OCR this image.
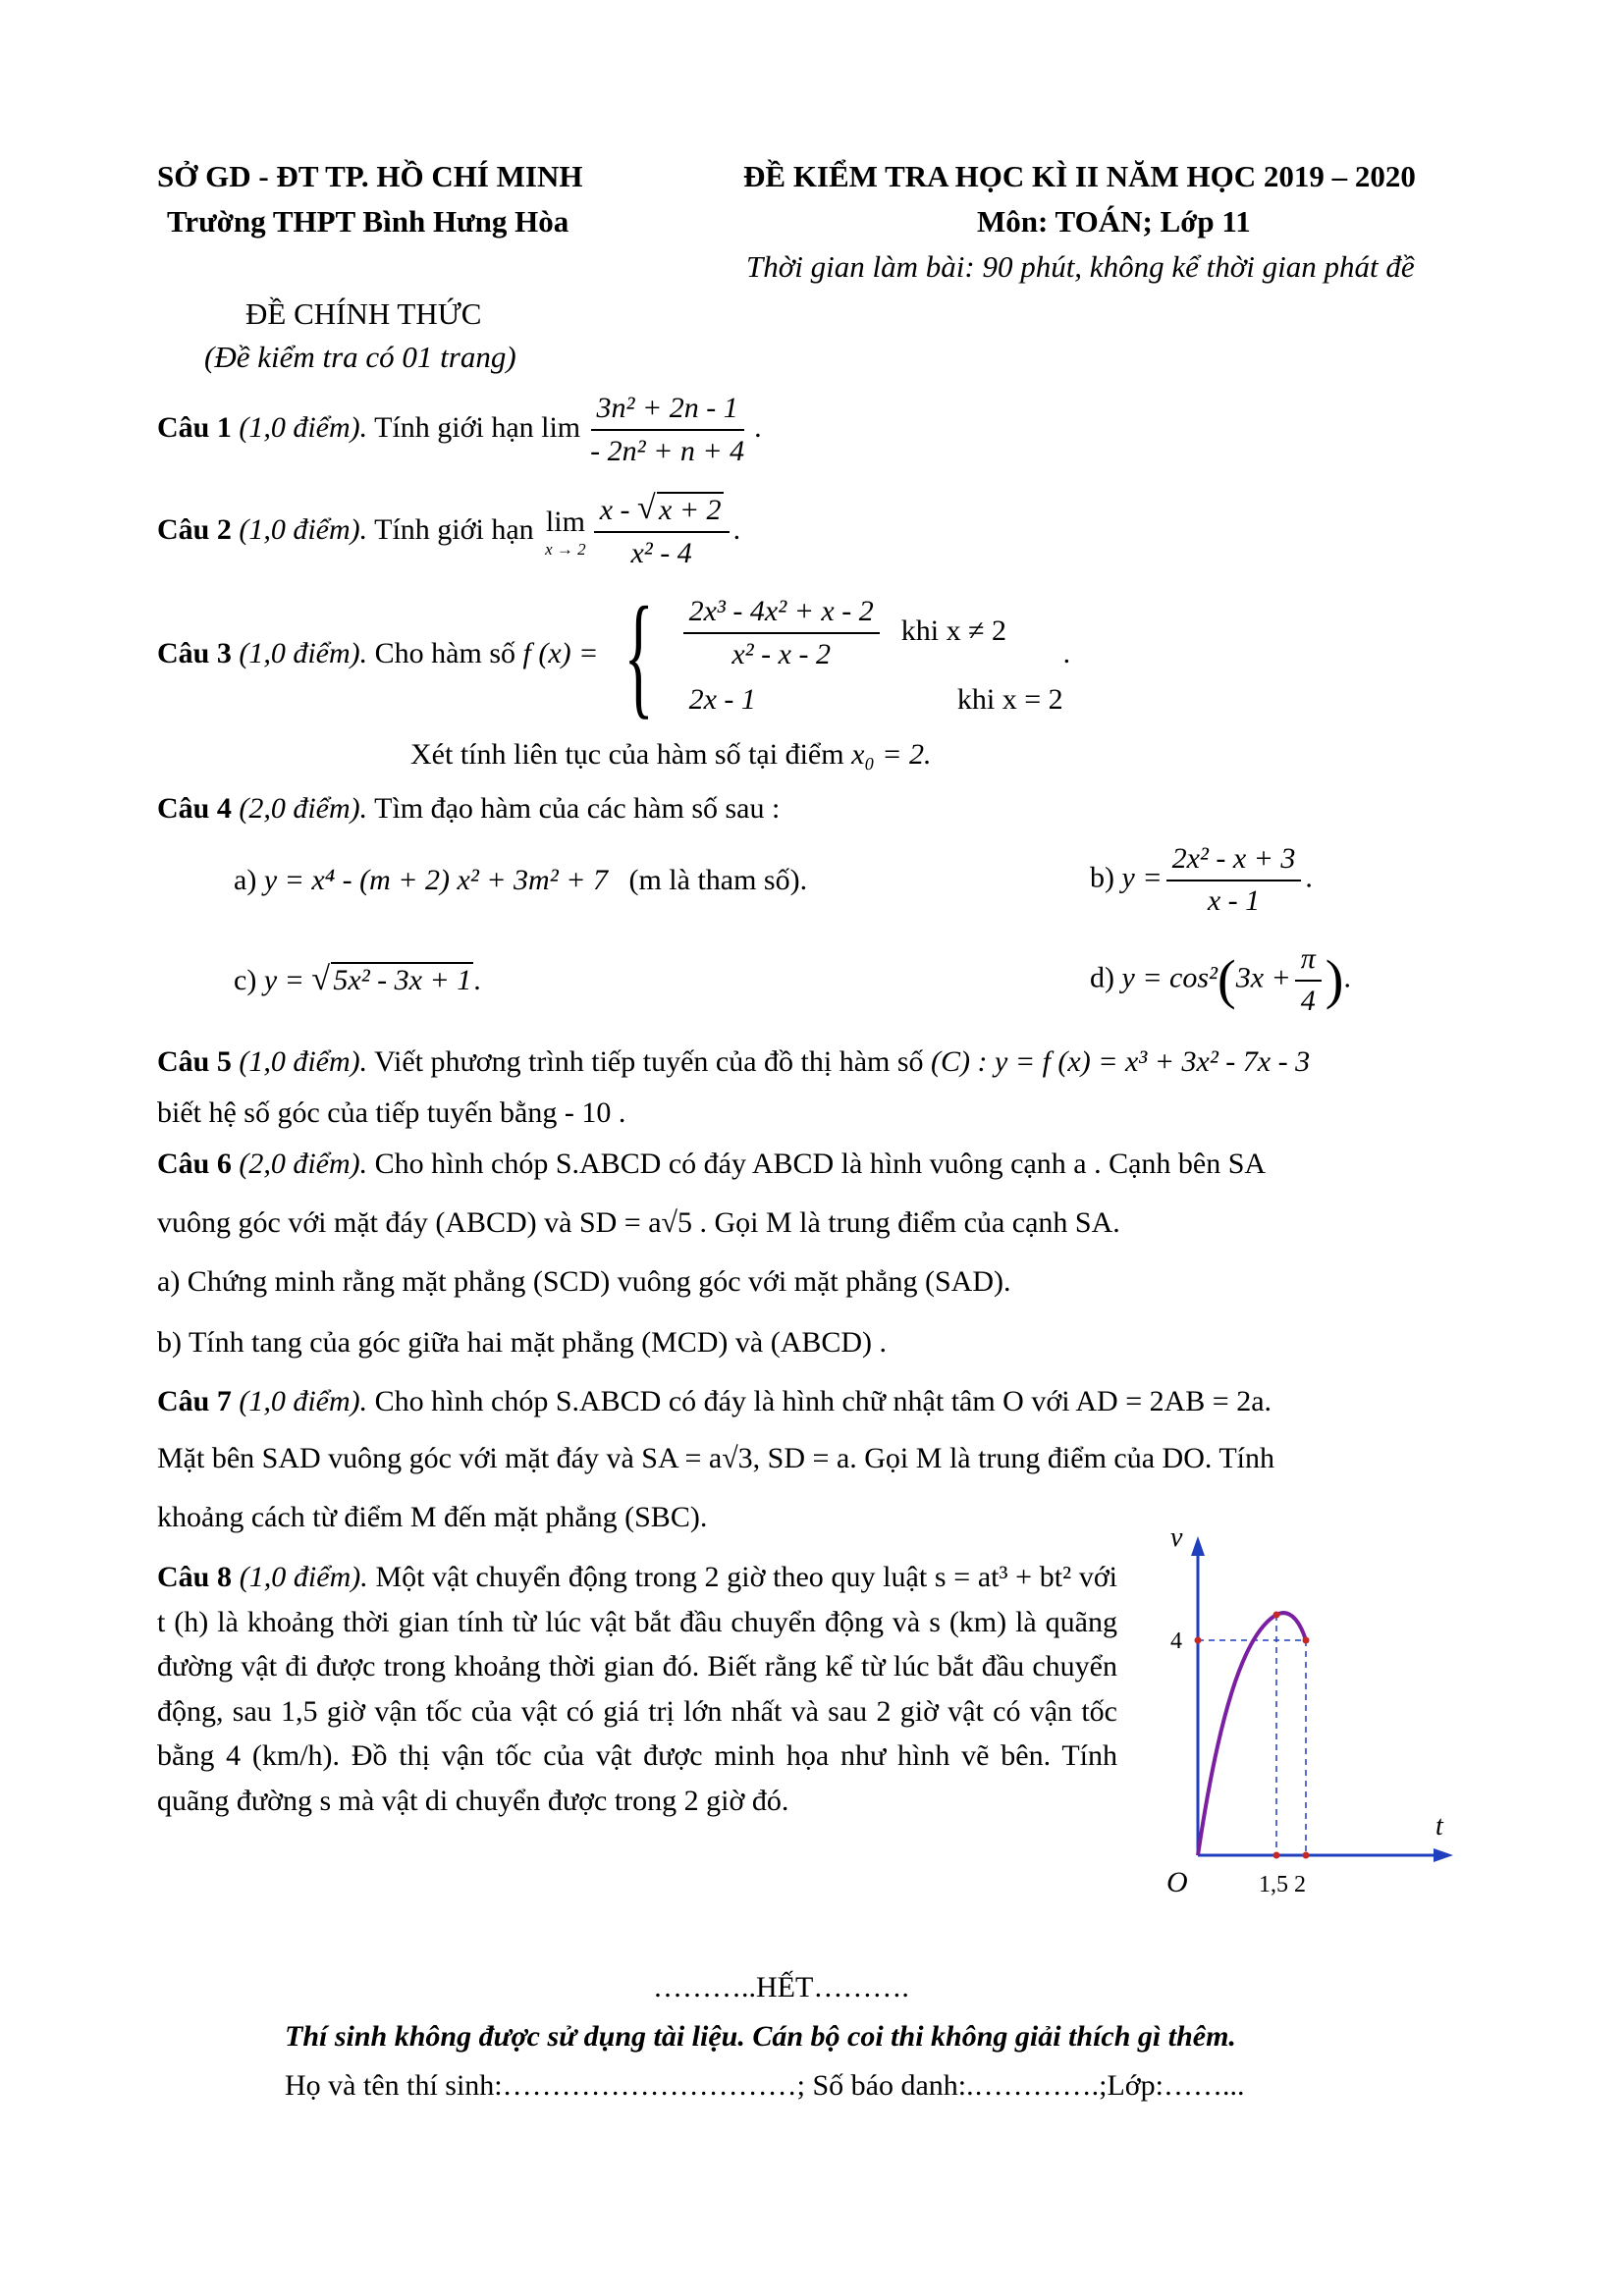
SỞ GD - ĐT TP. HỒ CHÍ MINH
Trường THPT Bình Hưng Hòa
ĐỀ KIỂM TRA HỌC KÌ II NĂM HỌC 2019 – 2020
Môn: TOÁN; Lớp 11
Thời gian làm bài: 90 phút, không kể thời gian phát đề
ĐỀ CHÍNH THỨC
(Đề kiểm tra có 01 trang)
Câu 1 (1,0 điểm). Tính giới hạn $\lim \frac{\text{3n² + 2n - 1}}{\text{- 2n² + n + 4}}$ .
Câu 2 (1,0 điểm). Tính giới hạn lim
$x \to 2 \frac{x - √ x + 2}{\text{x² - 4}}$ .
Câu 3 (1,0 điểm). Cho hàm số f (x) = { $\frac{\text{2x³ - 4x² + x - 2}}{\text{x² - x - 2}}$ khi x ≠ 2
2x - 1	khi x = 2
.
Xét tính liên tục của hàm số tại điểm x₀ = 2.
Câu 4 (2,0 điểm). Tìm đạo hàm của các hàm số sau :
a) y = x⁴ - (m + 2) x² + 3m² + 7 (m là tham số).	b) $y = \frac{\text{2x² - x + 3}}{x - 1}$ .
c) y = √ 5x² - 3x + 1.	d) $y = \cos^2(3x + \frac{\pi}{4}$ ).
Câu 5 (1,0 điểm). Viết phương trình tiếp tuyến của đồ thị hàm số (C) : y = f (x) = x³ + 3x² - 7x - 3
biết hệ số góc của tiếp tuyến bằng - 10 .
Câu 6 (2,0 điểm). Cho hình chóp S.ABCD có đáy ABCD là hình vuông cạnh a . Cạnh bên SA
vuông góc với mặt đáy (ABCD) và SD = a√5 . Gọi M là trung điểm của cạnh SA.
a) Chứng minh rằng mặt phẳng (SCD) vuông góc với mặt phẳng (SAD).
b) Tính tang của góc giữa hai mặt phẳng (MCD) và (ABCD) .
Câu 7 (1,0 điểm). Cho hình chóp S.ABCD có đáy là hình chữ nhật tâm O với AD = 2AB = 2a.
Mặt bên SAD vuông góc với mặt đáy và SA = a√3, SD = a. Gọi M là trung điểm của DO. Tính
khoảng cách từ điểm M đến mặt phẳng (SBC).
Câu 8 (1,0 điểm). Một vật chuyển động trong 2 giờ theo quy luật s = at³ + bt² với t (h) là khoảng thời gian tính từ lúc vật bắt đầu chuyển động và s (km) là quãng đường vật đi được trong khoảng thời gian đó. Biết rằng kể từ lúc bắt đầu chuyển động, sau 1,5 giờ vận tốc của vật có giá trị lớn nhất và sau 2 giờ vật có vận tốc bằng 4 (km/h). Đồ thị vận tốc của vật được minh họa như hình vẽ bên. Tính quãng đường s mà vật di chuyển được trong 2 giờ đó.
v
t
O
4
1,5 2
………..HẾT……….
Thí sinh không được sử dụng tài liệu. Cán bộ coi thi không giải thích gì thêm.
Họ và tên thí sinh:…………………………; Số báo danh:.………….;Lớp:……...
